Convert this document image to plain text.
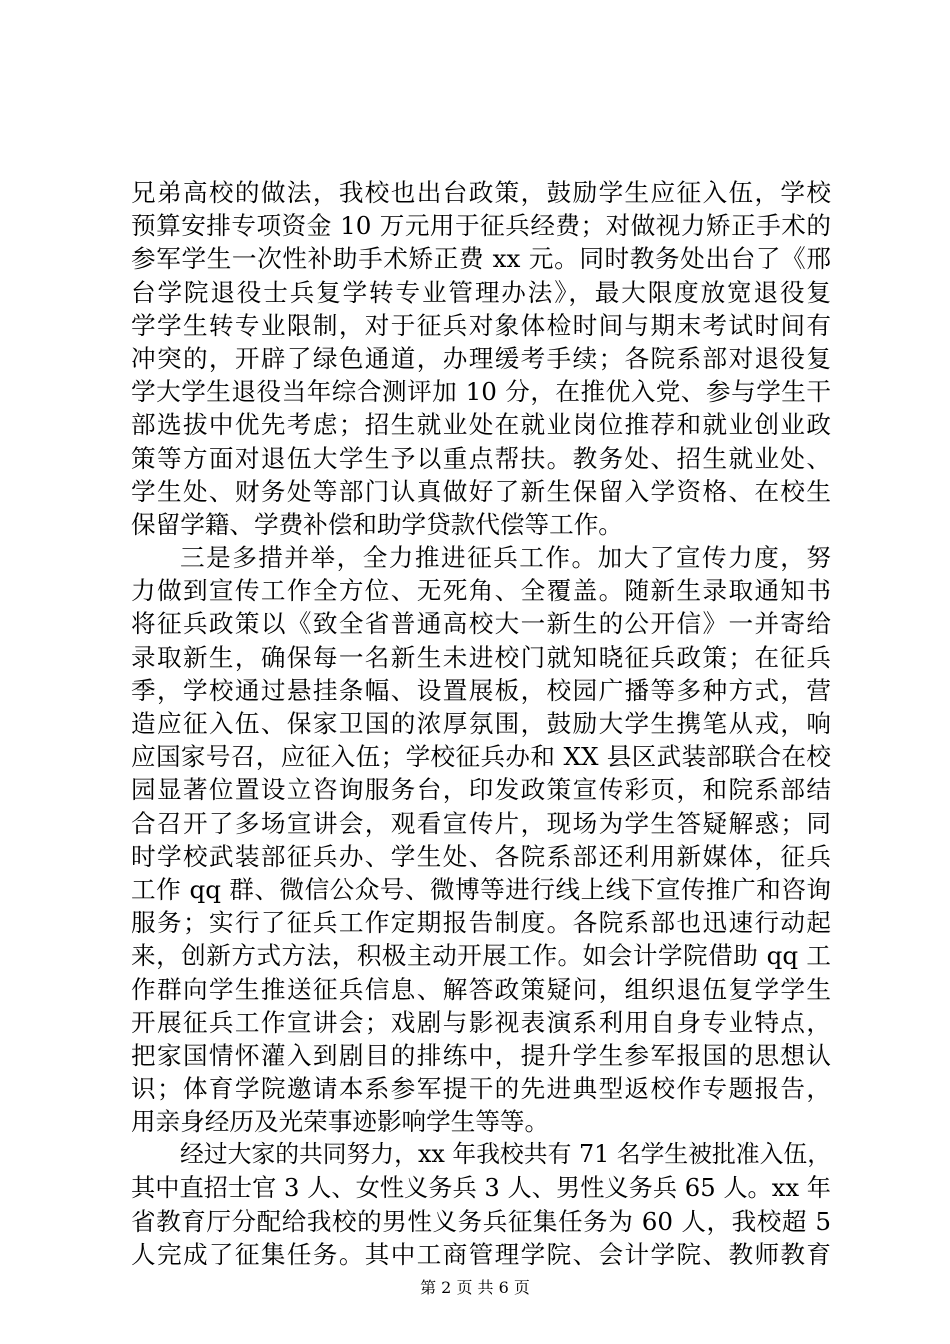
兄弟高校的做法，我校也出台政策，鼓励学生应征入伍，学校
预算安排专项资金 10 万元用于征兵经费；对做视力矫正手术的
参军学生一次性补助手术矫正费 xx 元。同时教务处出台了《邢
台学院退役士兵复学转专业管理办法》，最大限度放宽退役复
学学生转专业限制，对于征兵对象体检时间与期末考试时间有
冲突的，开辟了绿色通道，办理缓考手续；各院系部对退役复
学大学生退役当年综合测评加 10 分，在推优入党、参与学生干
部选拔中优先考虑；招生就业处在就业岗位推荐和就业创业政
策等方面对退伍大学生予以重点帮扶。教务处、招生就业处、
学生处、财务处等部门认真做好了新生保留入学资格、在校生
保留学籍、学费补偿和助学贷款代偿等工作。
三是多措并举，全力推进征兵工作。加大了宣传力度，努
力做到宣传工作全方位、无死角、全覆盖。随新生录取通知书
将征兵政策以《致全省普通高校大一新生的公开信》一并寄给
录取新生，确保每一名新生未进校门就知晓征兵政策；在征兵
季，学校通过悬挂条幅、设置展板，校园广播等多种方式，营
造应征入伍、保家卫国的浓厚氛围，鼓励大学生携笔从戎，响
应国家号召，应征入伍；学校征兵办和 XX 县区武装部联合在校
园显著位置设立咨询服务台，印发政策宣传彩页，和院系部结
合召开了多场宣讲会，观看宣传片，现场为学生答疑解惑；同
时学校武装部征兵办、学生处、各院系部还利用新媒体，征兵
工作 qq 群、微信公众号、微博等进行线上线下宣传推广和咨询
服务；实行了征兵工作定期报告制度。各院系部也迅速行动起
来，创新方式方法，积极主动开展工作。如会计学院借助 qq 工
作群向学生推送征兵信息、解答政策疑问，组织退伍复学学生
开展征兵工作宣讲会；戏剧与影视表演系利用自身专业特点，
把家国情怀灌入到剧目的排练中，提升学生参军报国的思想认
识；体育学院邀请本系参军提干的先进典型返校作专题报告，
用亲身经历及光荣事迹影响学生等等。
经过大家的共同努力，xx 年我校共有 71 名学生被批准入伍，
其中直招士官 3 人、女性义务兵 3 人、男性义务兵 65 人。xx 年
省教育厅分配给我校的男性义务兵征集任务为 60 人，我校超 5
人完成了征集任务。其中工商管理学院、会计学院、教师教育
第 2 页 共 6 页
